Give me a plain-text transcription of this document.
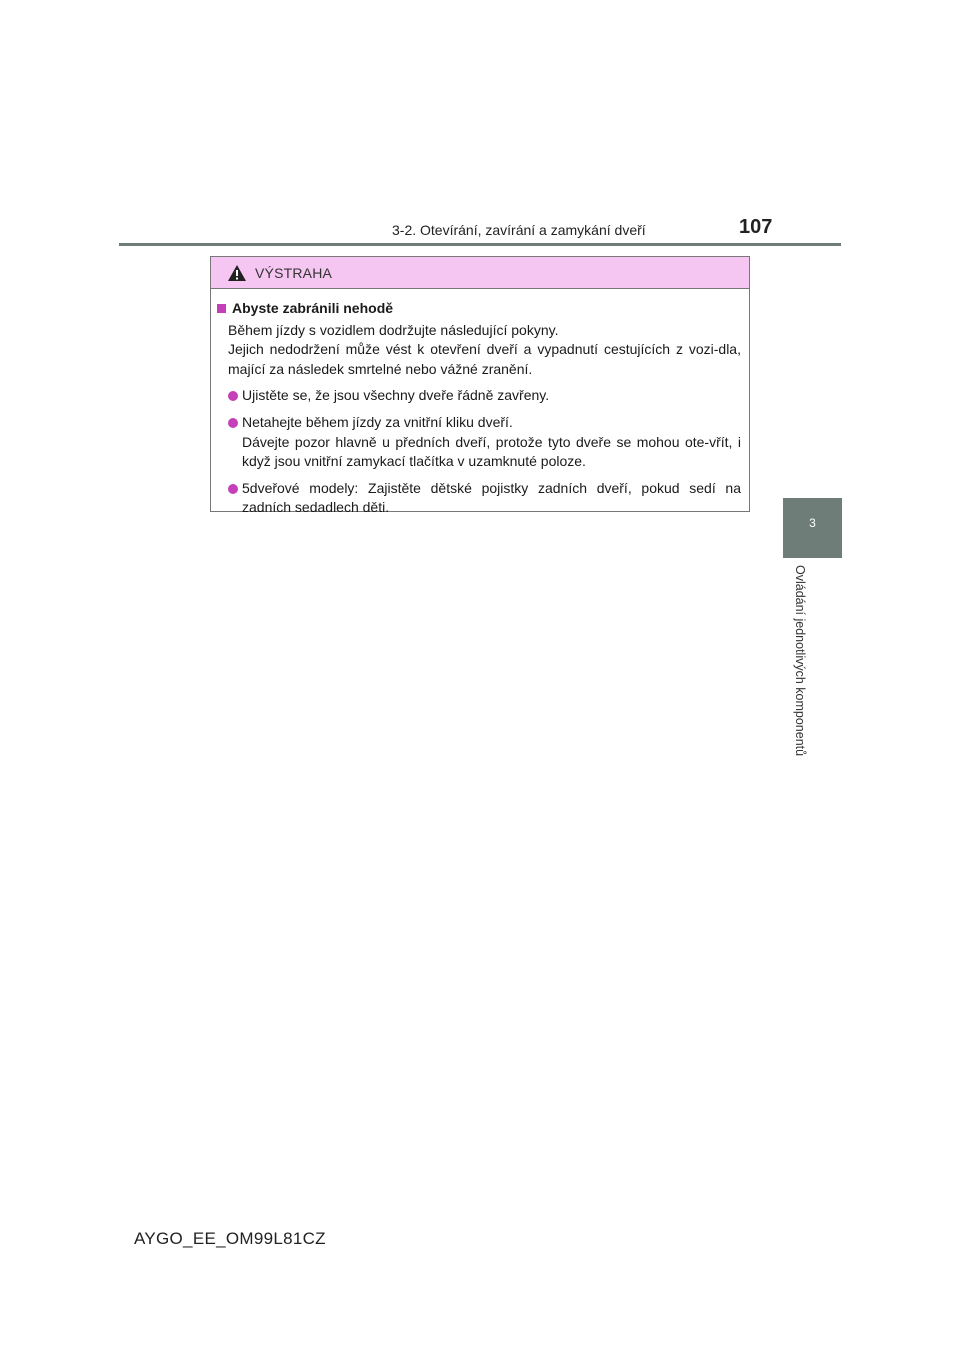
3-2. Otevírání, zavírání a zamykání dveří	107
3
Ovládání jednotlivých komponentů
VÝSTRAHA
Abyste zabránili nehodě

Během jízdy s vozidlem dodržujte následující pokyny.

Jejich nedodržení může vést k otevření dveří a vypadnutí cestujících z vozi-dla, mající za následek smrtelné nebo vážné zranění.

Ujistěte se, že jsou všechny dveře řádně zavřeny.

Netahejte během jízdy za vnitřní kliku dveří.

Dávejte pozor hlavně u předních dveří, protože tyto dveře se mohou ote-vřít, i když jsou vnitřní zamykací tlačítka v uzamknuté poloze.

5dveřové modely: Zajistěte dětské pojistky zadních dveří, pokud sedí na zadních sedadlech děti.

AYGO_EE_OM99L81CZ
